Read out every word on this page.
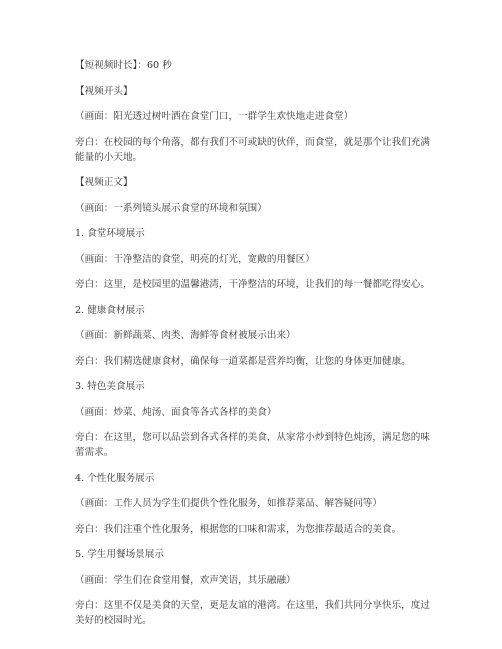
【短视频时长】：60 秒

【视频开头】

（画面：阳光透过树叶洒在食堂门口，一群学生欢快地走进食堂）

旁白：在校园的每个角落，都有我们不可或缺的伙伴，而食堂，就是那个让我们充满能量的小天地。

【视频正文】

（画面：一系列镜头展示食堂的环境和氛围）

1. 食堂环境展示

（画面：干净整洁的食堂，明亮的灯光，宽敞的用餐区）

旁白：这里，是校园里的温馨港湾，干净整洁的环境，让我们的每一餐都吃得安心。

2. 健康食材展示

（画面：新鲜蔬菜、肉类、海鲜等食材被展示出来）

旁白：我们精选健康食材，确保每一道菜都是营养均衡，让您的身体更加健康。

3. 特色美食展示

（画面：炒菜、炖汤、面食等各式各样的美食）

旁白：在这里，您可以品尝到各式各样的美食，从家常小炒到特色炖汤，满足您的味蕾需求。

4. 个性化服务展示

（画面：工作人员为学生们提供个性化服务，如推荐菜品、解答疑问等）

旁白：我们注重个性化服务，根据您的口味和需求，为您推荐最适合的美食。

5. 学生用餐场景展示

（画面：学生们在食堂用餐，欢声笑语，其乐融融）

旁白：这里不仅是美食的天堂，更是友谊的港湾。在这里，我们共同分享快乐，度过美好的校园时光。
